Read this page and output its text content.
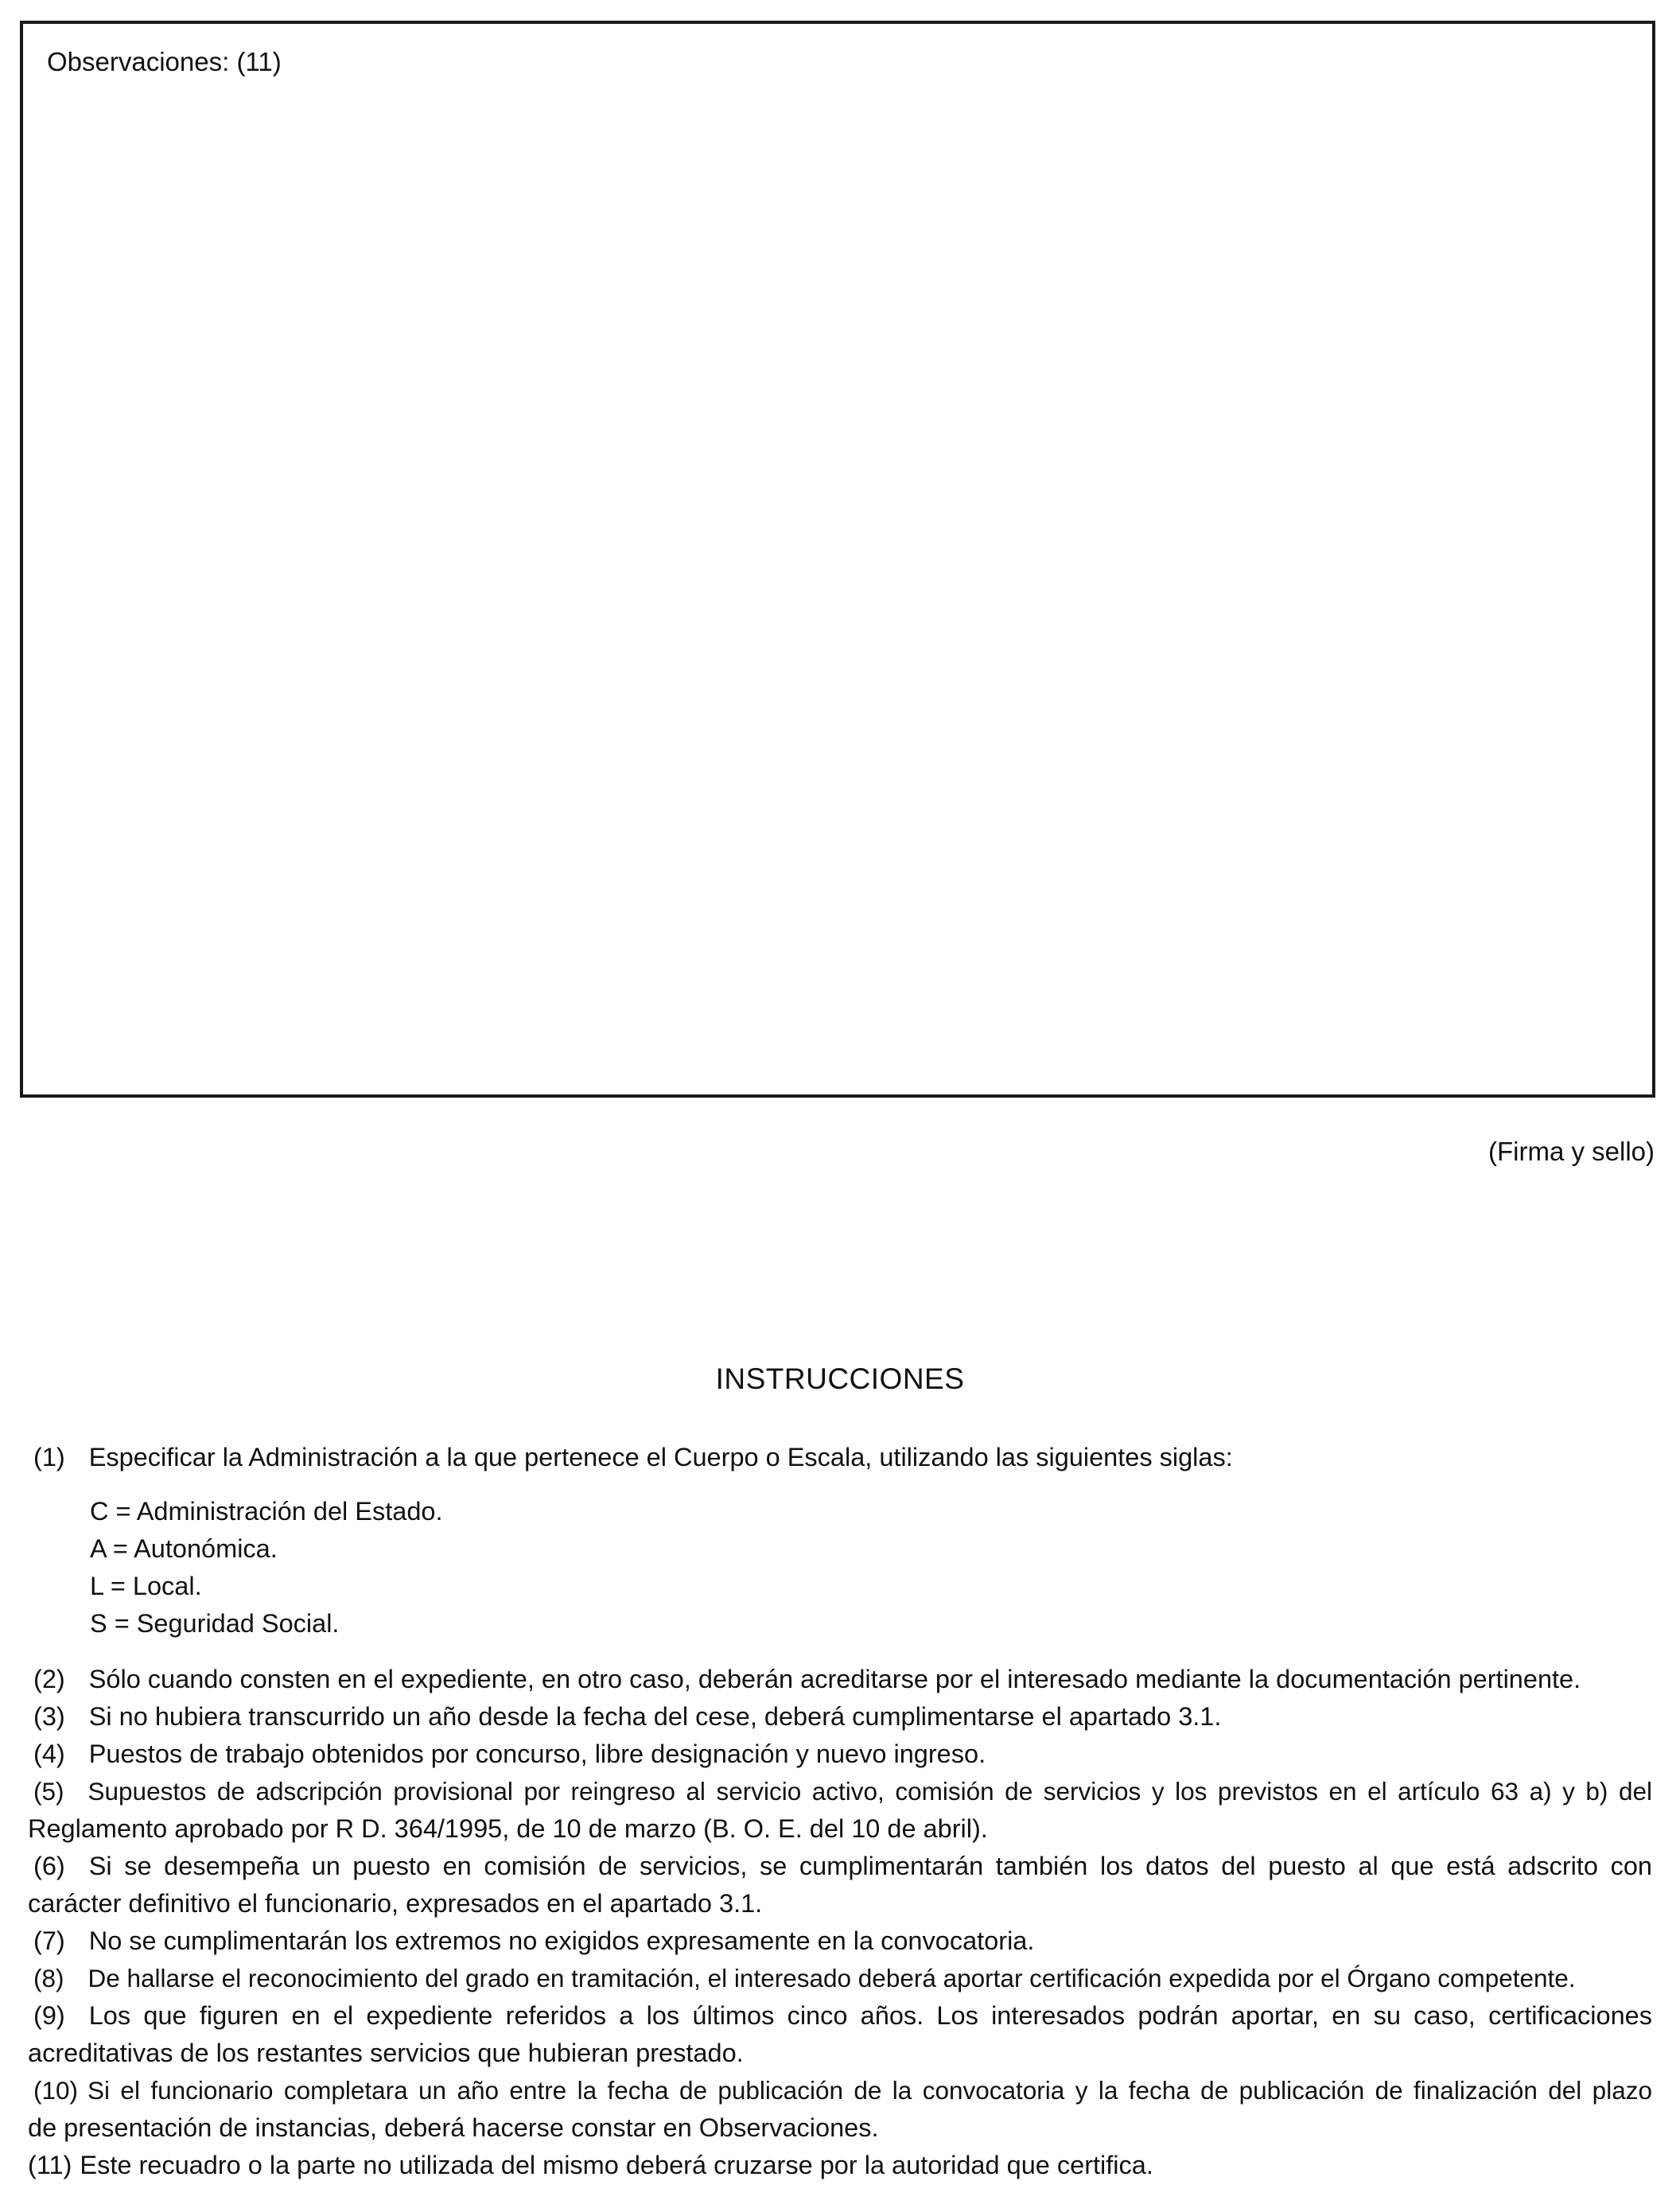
Observaciones: (11)
(Firma y sello)
INSTRUCCIONES
(1) Especificar la Administración a la que pertenece el Cuerpo o Escala, utilizando las siguientes siglas:
C = Administración del Estado.
A = Autonómica.
L = Local.
S = Seguridad Social.
(2) Sólo cuando consten en el expediente, en otro caso, deberán acreditarse por el interesado mediante la documentación pertinente.
(3) Si no hubiera transcurrido un año desde la fecha del cese, deberá cumplimentarse el apartado 3.1.
(4) Puestos de trabajo obtenidos por concurso, libre designación y nuevo ingreso.
(5) Supuestos de adscripción provisional por reingreso al servicio activo, comisión de servicios y los previstos en el artículo 63 a) y b) del
Reglamento aprobado por R D. 364/1995, de 10 de marzo (B. O. E. del 10 de abril).
(6) Si se desempeña un puesto en comisión de servicios, se cumplimentarán también los datos del puesto al que está adscrito con
carácter definitivo el funcionario, expresados en el apartado 3.1.
(7) No se cumplimentarán los extremos no exigidos expresamente en la convocatoria.
(8) De hallarse el reconocimiento del grado en tramitación, el interesado deberá aportar certificación expedida por el Órgano competente.
(9) Los que figuren en el expediente referidos a los últimos cinco años. Los interesados podrán aportar, en su caso, certificaciones
acreditativas de los restantes servicios que hubieran prestado.
(10) Si el funcionario completara un año entre la fecha de publicación de la convocatoria y la fecha de publicación de finalización del plazo
de presentación de instancias, deberá hacerse constar en Observaciones.
(11) Este recuadro o la parte no utilizada del mismo deberá cruzarse por la autoridad que certifica.
